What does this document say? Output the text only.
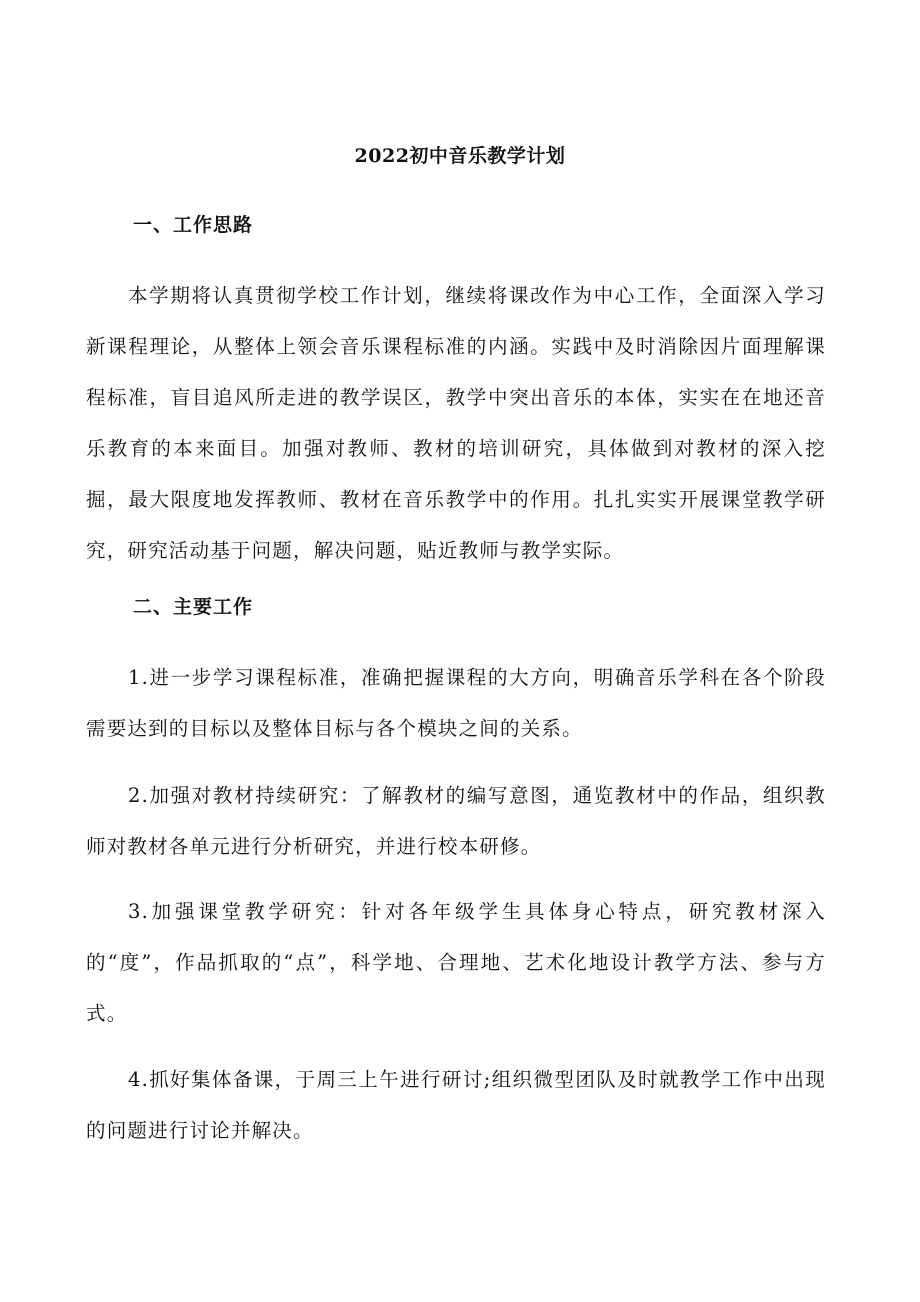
2022初中音乐教学计划
一、工作思路

本学期将认真贯彻学校工作计划，继续将课改作为中心工作，全面深入学习新课程理论，从整体上领会音乐课程标准的内涵。实践中及时消除因片面理解课程标准，盲目追风所走进的教学误区，教学中突出音乐的本体，实实在在地还音乐教育的本来面目。加强对教师、教材的培训研究，具体做到对教材的深入挖掘，最大限度地发挥教师、教材在音乐教学中的作用。扎扎实实开展课堂教学研究，研究活动基于问题，解决问题，贴近教师与教学实际。

二、主要工作

1.进一步学习课程标准，准确把握课程的大方向，明确音乐学科在各个阶段需要达到的目标以及整体目标与各个模块之间的关系。

2.加强对教材持续研究：了解教材的编写意图，通览教材中的作品，组织教师对教材各单元进行分析研究，并进行校本研修。

3.加强课堂教学研究：针对各年级学生具体身心特点，研究教材深入的“度”，作品抓取的“点”，科学地、合理地、艺术化地设计教学方法、参与方式。

4.抓好集体备课，于周三上午进行研讨;组织微型团队及时就教学工作中出现的问题进行讨论并解决。
